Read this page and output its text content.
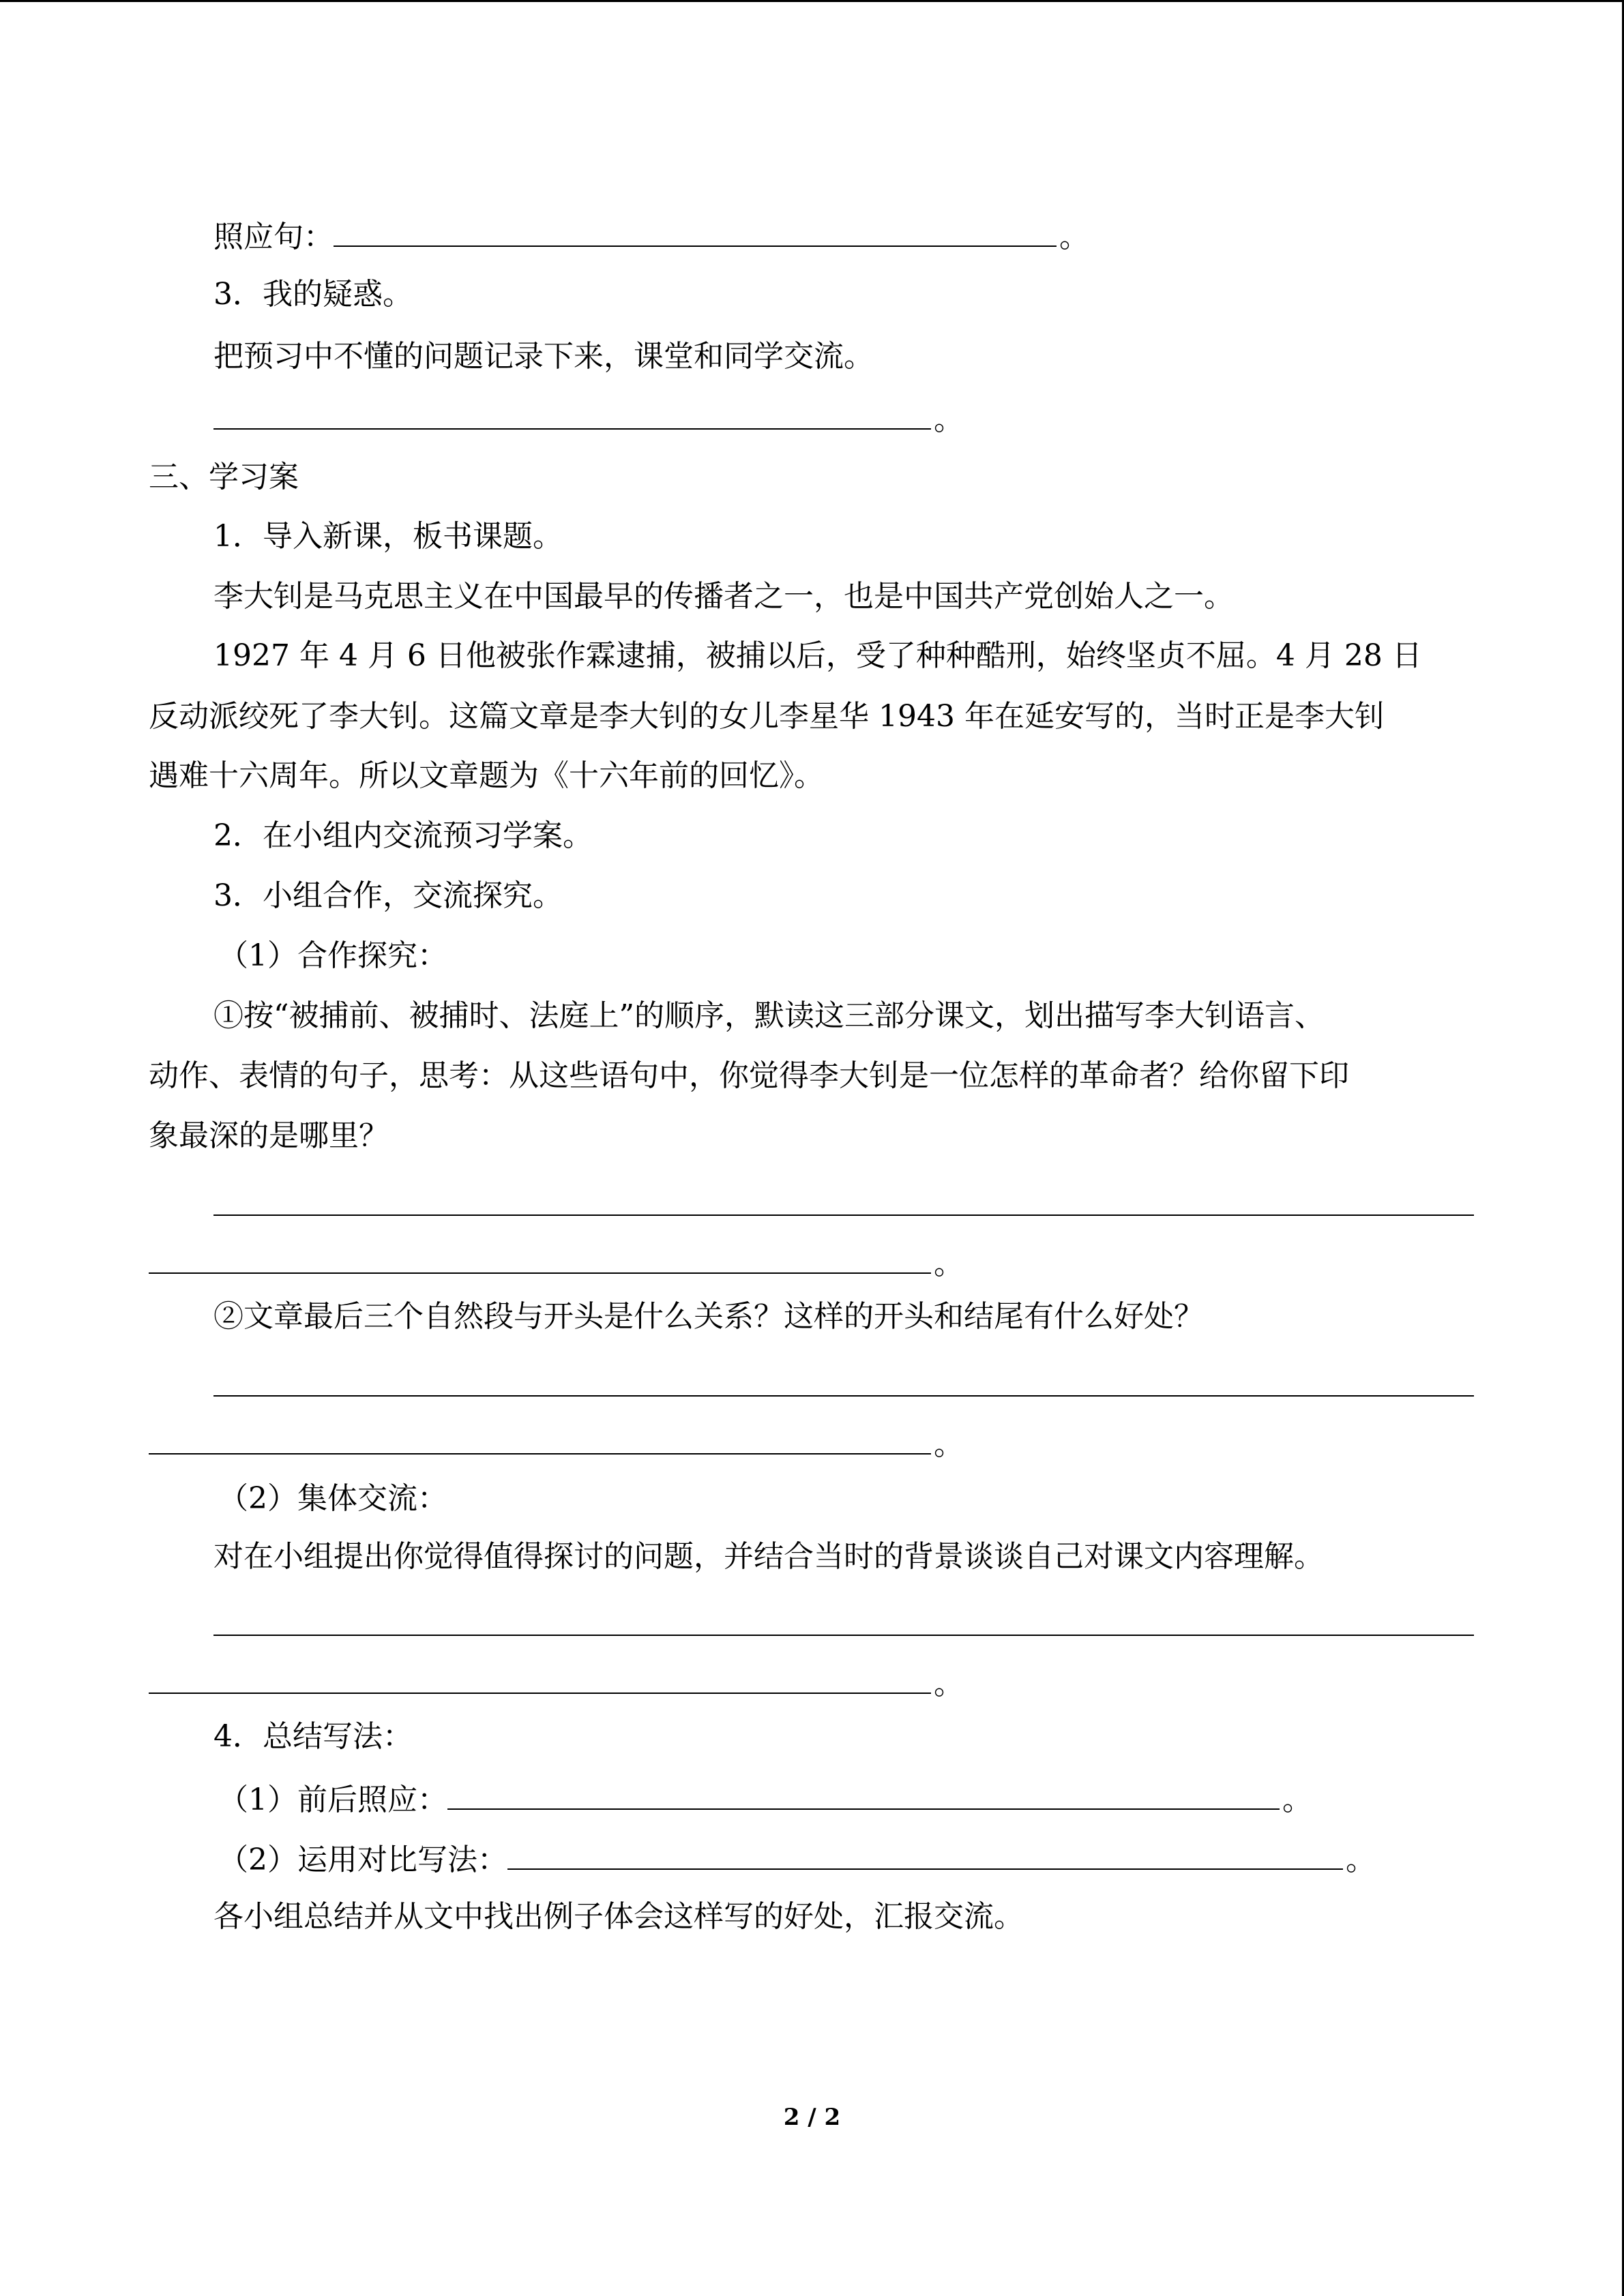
照应句：	。
3．我的疑惑。
把预习中不懂的问题记录下来，课堂和同学交流。
。
三、学习案
1．导入新课，板书课题。
李大钊是马克思主义在中国最早的传播者之一，也是中国共产党创始人之一。
1927 年 4 月 6 日他被张作霖逮捕，被捕以后，受了种种酷刑，始终坚贞不屈。4 月 28 日
反动派绞死了李大钊。这篇文章是李大钊的女儿李星华 1943 年在延安写的，当时正是李大钊
遇难十六周年。所以文章题为《十六年前的回忆》。
2．在小组内交流预习学案。
3．小组合作，交流探究。
（1）合作探究：
①按“被捕前、被捕时、法庭上”的顺序，默读这三部分课文，划出描写李大钊语言、
动作、表情的句子，思考：从这些语句中，你觉得李大钊是一位怎样的革命者？给你留下印
象最深的是哪里？
。
②文章最后三个自然段与开头是什么关系？这样的开头和结尾有什么好处？
。
（2）集体交流：
对在小组提出你觉得值得探讨的问题，并结合当时的背景谈谈自己对课文内容理解。
。
4．总结写法：
（1）前后照应：	。
（2）运用对比写法：	。
各小组总结并从文中找出例子体会这样写的好处，汇报交流。
2 / 2
